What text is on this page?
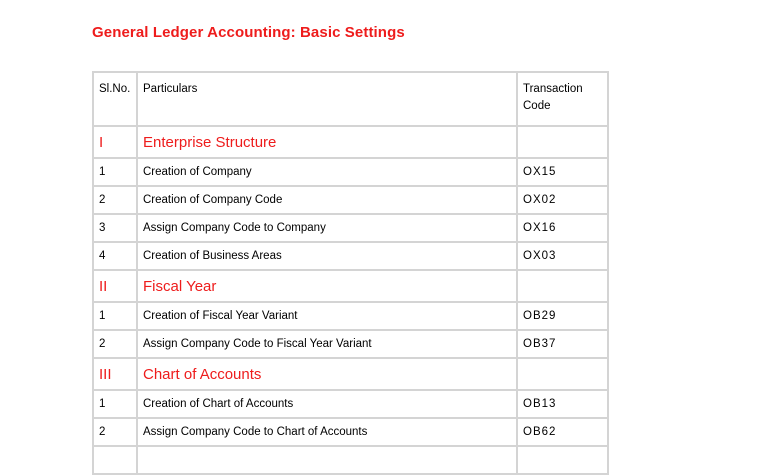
General Ledger Accounting: Basic Settings
Sl.No.	Particulars	Transaction
Code
I	Enterprise Structure	
1	Creation of Company	OX15
2	Creation of Company Code	OX02
3	Assign Company Code to Company	OX16
4	Creation of Business Areas	OX03
II	Fiscal Year	
1	Creation of Fiscal Year Variant	OB29
2	Assign Company Code to Fiscal Year Variant	OB37
III	Chart of Accounts	
1	Creation of Chart of Accounts	OB13
2	Assign Company Code to Chart of Accounts	OB62
